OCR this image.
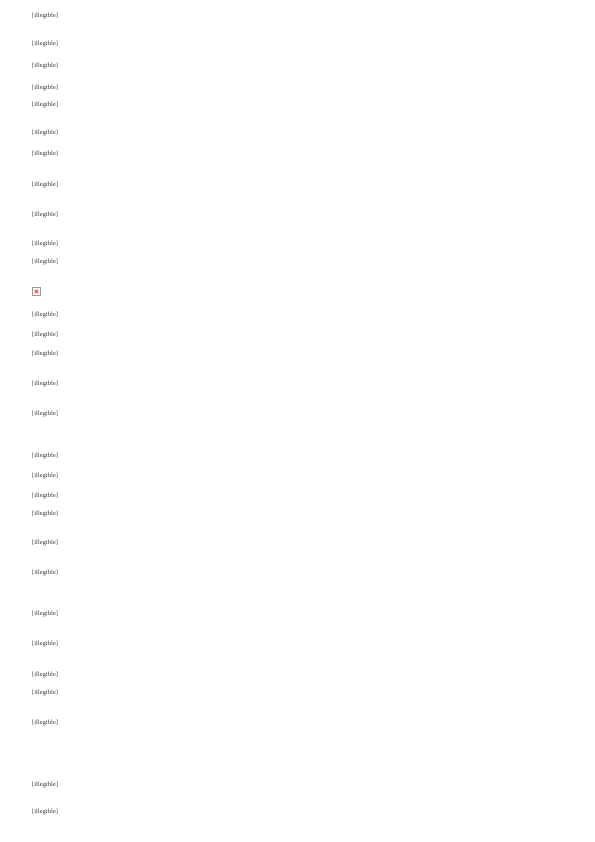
[illegible]

[illegible]

[illegible]

[illegible]

[illegible]

[illegible]

[illegible]

[illegible]

[illegible]

[illegible]

[illegible]

[illegible]

[illegible]

[illegible]

[illegible]

[illegible]

[illegible]

[illegible]

[illegible]

[illegible]

[illegible]

[illegible]

[illegible]

[illegible]

[illegible]

[illegible]

[illegible]

[illegible]

[illegible]
